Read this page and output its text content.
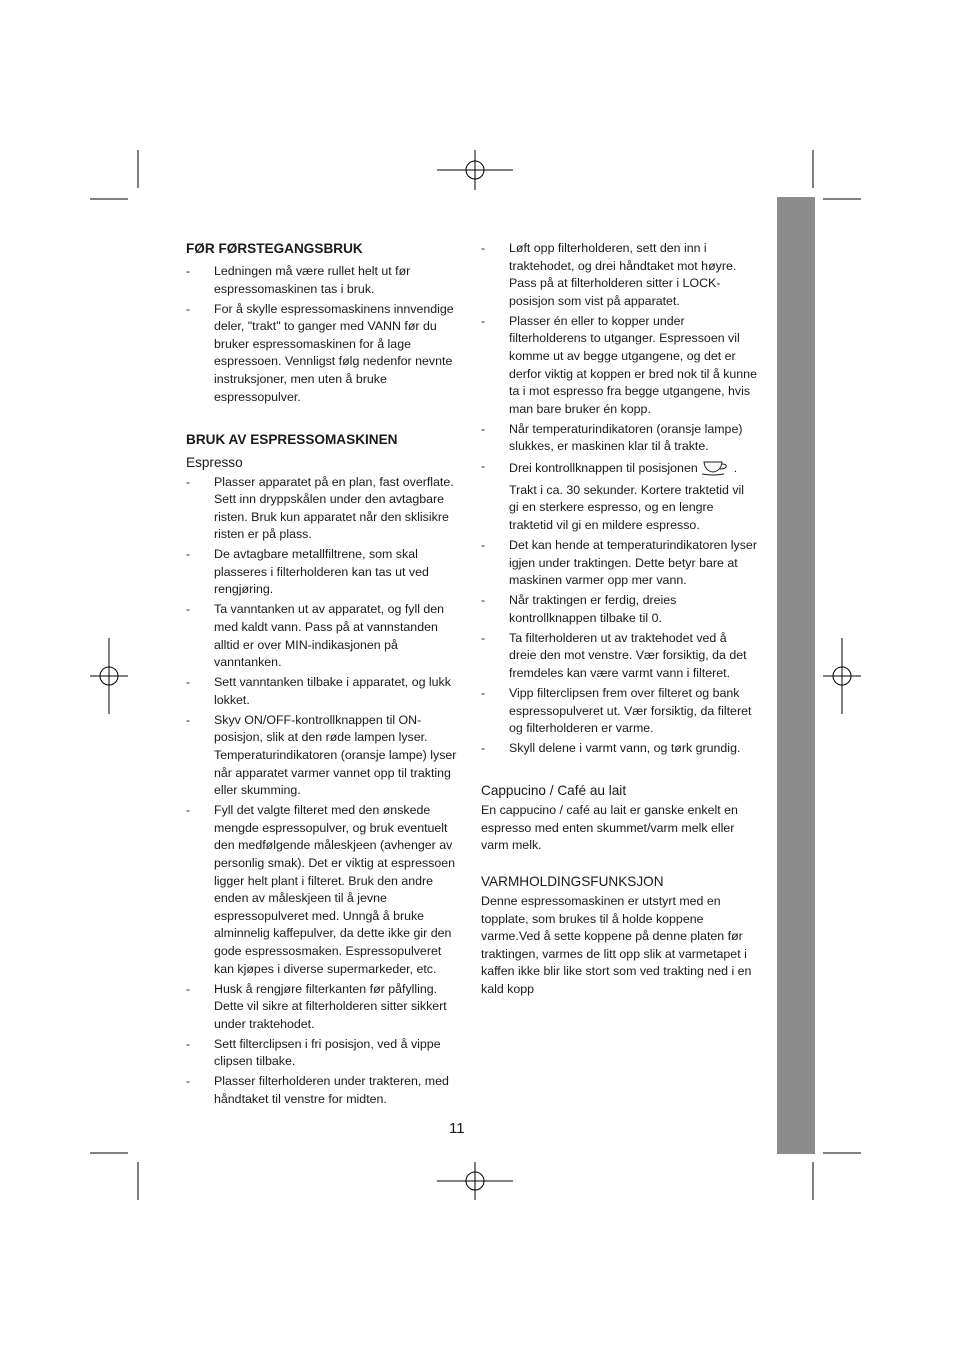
FØR FØRSTEGANGSBRUK
- Ledningen må være rullet helt ut før espressomaskinen tas i bruk.
- For å skylle espressomaskinens innvendige deler, "trakt" to ganger med VANN før du bruker espressomaskinen for å lage espressoen. Vennligst følg nedenfor nevnte instruksjoner, men uten å bruke espressopulver.
BRUK AV ESPRESSOMASKINEN
Espresso
- Plasser apparatet på en plan, fast overflate. Sett inn dryppskålen under den avtagbare risten. Bruk kun apparatet når den sklisikre risten er på plass.
- De avtagbare metallfiltrene, som skal plasseres i filterholderen kan tas ut ved rengjøring.
- Ta vanntanken ut av apparatet, og fyll den med kaldt vann. Pass på at vannstanden alltid er over MIN-indikasjonen på vanntanken.
- Sett vanntanken tilbake i apparatet, og lukk lokket.
- Skyv ON/OFF-kontrollknappen til ON-posisjon, slik at den røde lampen lyser. Temperaturindikatoren (oransje lampe) lyser når apparatet varmer vannet opp til trakting eller skumming.
- Fyll det valgte filteret med den ønskede mengde espressopulver, og bruk eventuelt den medfølgende måleskjeen (avhenger av personlig smak). Det er viktig at espressoen ligger helt plant i filteret. Bruk den andre enden av måleskjeen til å jevne espressopulveret med. Unngå å bruke alminnelig kaffepulver, da dette ikke gir den gode espressosmaken. Espressopulveret kan kjøpes i diverse supermarkeder, etc.
- Husk å rengjøre filterkanten før påfylling. Dette vil sikre at filterholderen sitter sikkert under traktehodet.
- Sett filterclipsen i fri posisjon, ved å vippe clipsen tilbake.
- Plasser filterholderen under trakteren, med håndtaket til venstre for midten.
- Løft opp filterholderen, sett den inn i traktehodet, og drei håndtaket mot høyre. Pass på at filterholderen sitter i LOCK-posisjon som vist på apparatet.
- Plasser én eller to kopper under filterholderens to utganger. Espressoen vil komme ut av begge utgangene, og det er derfor viktig at koppen er bred nok til å kunne ta i mot espresso fra begge utgangene, hvis man bare bruker én kopp.
- Når temperaturindikatoren (oransje lampe) slukkes, er maskinen klar til å trakte.
- Drei kontrollknappen til posisjonen	. Trakt i ca. 30 sekunder. Kortere traktetid vil gi en sterkere espresso, og en lengre traktetid vil gi en mildere espresso.
- Det kan hende at temperaturindikatoren lyser igjen under traktingen. Dette betyr bare at maskinen varmer opp mer vann.
- Når traktingen er ferdig, dreies kontrollknappen tilbake til 0.
- Ta filterholderen ut av traktehodet ved å dreie den mot venstre. Vær forsiktig, da det fremdeles kan være varmt vann i filteret.
- Vipp filterclipsen frem over filteret og bank espressopulveret ut. Vær forsiktig, da filteret og filterholderen er varme.
- Skyll delene i varmt vann, og tørk grundig.
Cappucino / Café au lait

En cappucino / café au lait er ganske enkelt en espresso med enten skummet/varm melk eller varm melk.

VARMHOLDINGSFUNKSJON

Denne espressomaskinen er utstyrt med en topplate, som brukes til å holde koppene varme.Ved å sette koppene på denne platen før traktingen, varmes de litt opp slik at varmetapet i kaffen ikke blir like stort som ved trakting ned i en kald kopp

11
